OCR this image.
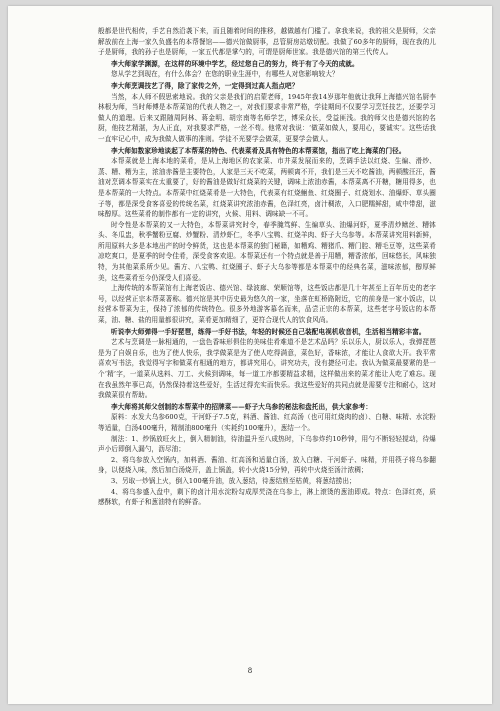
般都是世代相传，手艺自然沿袭下来，而且随着时间的推移，越做越有门槛了。拿我来说，我的祖父是厨师，父亲解放前在上海一家久负盛名的本帮餐馆——德兴馆做厨事，总管厨房站墩切配。我做了60多年的厨师，现在我的儿子是厨师，我的孙子也是厨师，一家五代都是掌勺的，可谓是厨师世家。我是德兴馆的第三代传人。

李大师家学渊源，在这样的环境中学艺，经过您自己的努力，终于有了今天的成就。

您从学艺到现在，有什么体会？在您的职业生涯中，有哪些人对您影响较大？

李大师烹调技艺了得，除了家传之外，一定得到过高人指点吧？

当然，本人师不假思索地说。我的父亲是我们的启蒙老师，1945年我14岁那年他就让我拜上海德兴馆名厨李林根为师，当时师傅是本帮菜馆的代表人物之一，对我们要求非常严格，学徒期间不仅要学习烹饪技艺，还要学习做人的道理。后来又跟随周阿林、蒋金明、胡宗南等名师学艺，博采众长，受益匪浅。我的师父也是德兴馆的名厨，他技艺精湛，为人正直，对我要求严格，一丝不苟。他常对我说：‘做菜如做人，要用心，要诚实’。这些话我一直牢记心中，成为我做人做事的准则。学徒不光要学会做菜，更要学会做人。

李大师如数家珍地谈起了本帮菜的特色、代表菜肴及具有特色的本帮菜馆，指出了吃上海菜的门径。

本帮菜就是上海本地的菜肴，是从上海地区的农家菜、市井菜发展而来的，烹调手法以红烧、生煸、滑炒、蒸、糟、糟为主，浓油赤酱是主要特色，人家是三天不吃菜，两顿离不开，我们是三天不吃酱油，两顿酸汪汪，酱油对烹调本帮菜实在太重要了，好的酱油是做好红烧菜的关键，调味上浓油赤酱，本帮菜离不开糖，糖用得多，也是本帮菜的一大特点。本帮菜中红烧菜肴是一大特色，代表菜有红烧鮰鱼、红烧圈子、红烧划水、油爆虾、草头圈子等，都是深受食客喜爱的传统名菜，红烧菜讲究浓油赤酱，色泽红亮，卤汁稠浓，入口肥糯鲜甜，咸中带甜，滋味醇厚。这些菜肴的制作都有一定的讲究，火候、用料、调味缺一不可。

时令性是本帮菜的又一大特色，本帮菜讲究时令，春季腌笃鲜、生煸草头、油爆河虾，夏季清炒鳝丝、糟钵头、冬瓜盅，秋季蟹粉豆腐、炒蟹粉、清炒虾仁，冬季八宝鸭、红烧羊肉、虾子大乌参等。本帮菜讲究用料新鲜，所用原料大多是本地出产的时令鲜货，这也是本帮菜的独门秘籍，如糟鸡、糟猪爪、糟门腔、糟毛豆等，这些菜肴凉吃爽口，是夏季的时令佳肴，深受食客欢迎。本帮菜还有一个特点就是善于用糟，糟香浓郁，回味悠长，风味独特，为其他菜系所少见。酱方、八宝鸭、红烧圈子、虾子大乌参等都是本帮菜中的经典名菜，滋味浓郁，醇厚鲜美，这些菜肴至今仍深受人们喜爱。

上海传统的本帮菜馆有上海老饭店、德兴馆、绿波廊、荣顺馆等，这些饭店都是几十年甚至上百年历史的老字号，以经营正宗本帮菜著称。德兴馆是其中历史最为悠久的一家，坐落在虹桥路附近，它的前身是一家小饭店，以经营本帮菜为主，保持了浓郁的传统特色。很多外地游客慕名而来，品尝正宗的本帮菜，这些老字号饭店的本帮菜，油、糖、盐的用量都很讲究，菜肴更加精细了，更符合现代人的饮食风尚。

听说李大师弹得一手好琵琶，练得一手好书法，年轻的时候还自己装配电视机收音机，生活相当精彩丰富。

艺术与烹调是一脉相通的，一盘色香味形俱佳的美味佳肴难道不是艺术品吗？乐以乐人，厨以乐人，我弹琵琶是为了自娱自乐，也为了使人快乐，我学做菜是为了使人吃得满意，菜色好，香味浓，才能让人食欲大开。我平常喜欢写书法，我觉得写字和做菜有相通的地方，都讲究用心，讲究功夫，没有捷径可走。我认为做菜最要紧的是一个‘精’字，一道菜从选料、刀工、火候到调味，每一道工序都要精益求精，这样做出来的菜才能让人吃了难忘。现在我虽然年事已高，仍然保持着这些爱好，生活过得充实而快乐。我这些爱好的共同点就是需要专注和耐心，这对我做菜很有帮助。

李大师将其师父创制的本帮菜中的招牌菜——虾子大乌参的秘法和盘托出，供大家参考：

原料：水发大乌参600克，干河虾子7.5克，料酒、酱油、红高汤（也可用红烧肉的卤）、白糖、味精、水淀粉等适量，白汤400毫升，精制油800毫升（实耗约100毫升），葱结一个。

制法：1、炒锅放旺火上，倒入精制油，待油温升至八成热时，下乌参炸约10秒钟，用勺不断轻轻搅动，待爆声小后即倒入漏勺，沥尽油；

2、将乌参放入空锅内，加料酒、酱油、红高汤和适量白汤，放入白糖、干河虾子、味精，并用筷子将乌参翻身，以便烧入味，然后加白汤烧开，盖上锅盖，转小火烧15分钟，再转中火烧至汤汁浓稠；

3、另取一炒锅上火，倒入100毫升油，放入葱结，待葱结煎至枯黄，将葱结捞出；

4、将乌参盛入盘中，剩下的卤汁用水淀粉勾成厚芡浇在乌参上，淋上滚烫的葱油即成。特点：色泽红亮，质感酥软，有虾子和葱油特有的鲜香。

8
